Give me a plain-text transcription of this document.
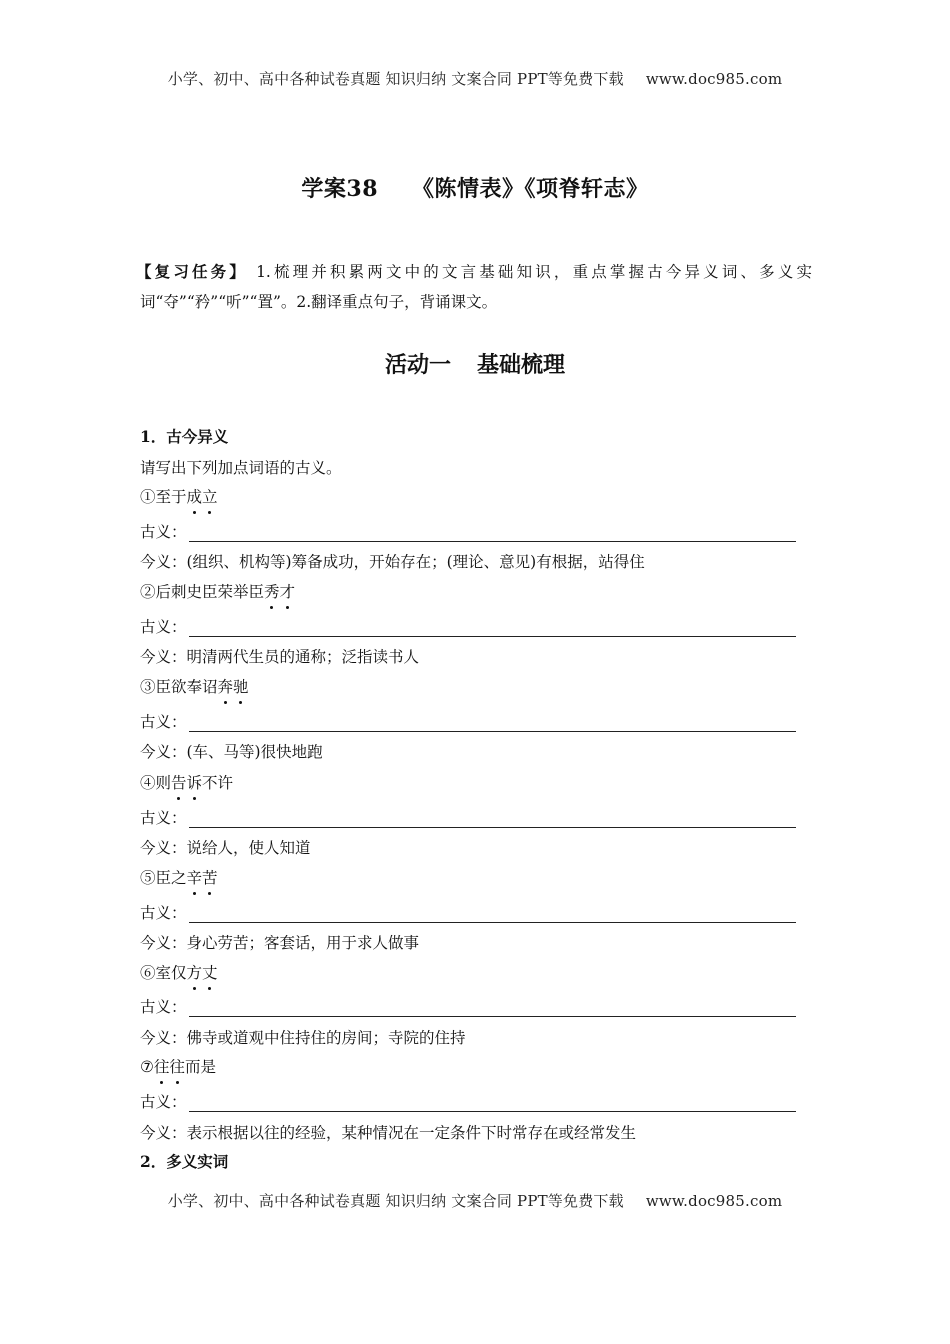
小学、初中、高中各种试卷真题 知识归纳 文案合同 PPT等免费下载 www.doc985.com
学案38 《陈情表》《项脊轩志》
【复习任务】 1.梳理并积累两文中的文言基础知识，重点掌握古今异义词、多义实词“夺”“矜”“听”“置”。2.翻译重点句子，背诵课文。
活动一 基础梳理
1．古今异义
请写出下列加点词语的古义。
①至于成立
古义：
今义：(组织、机构等)筹备成功，开始存在；(理论、意见)有根据，站得住
②后刺史臣荣举臣秀才
古义：
今义：明清两代生员的通称；泛指读书人
③臣欲奉诏奔驰
古义：
今义：(车、马等)很快地跑
④则告诉不许
古义：
今义：说给人，使人知道
⑤臣之辛苦
古义：
今义：身心劳苦；客套话，用于求人做事
⑥室仅方丈
古义：
今义：佛寺或道观中住持住的房间；寺院的住持
⑦往往而是
古义：
今义：表示根据以往的经验，某种情况在一定条件下时常存在或经常发生
2．多义实词
小学、初中、高中各种试卷真题 知识归纳 文案合同 PPT等免费下载 www.doc985.com
